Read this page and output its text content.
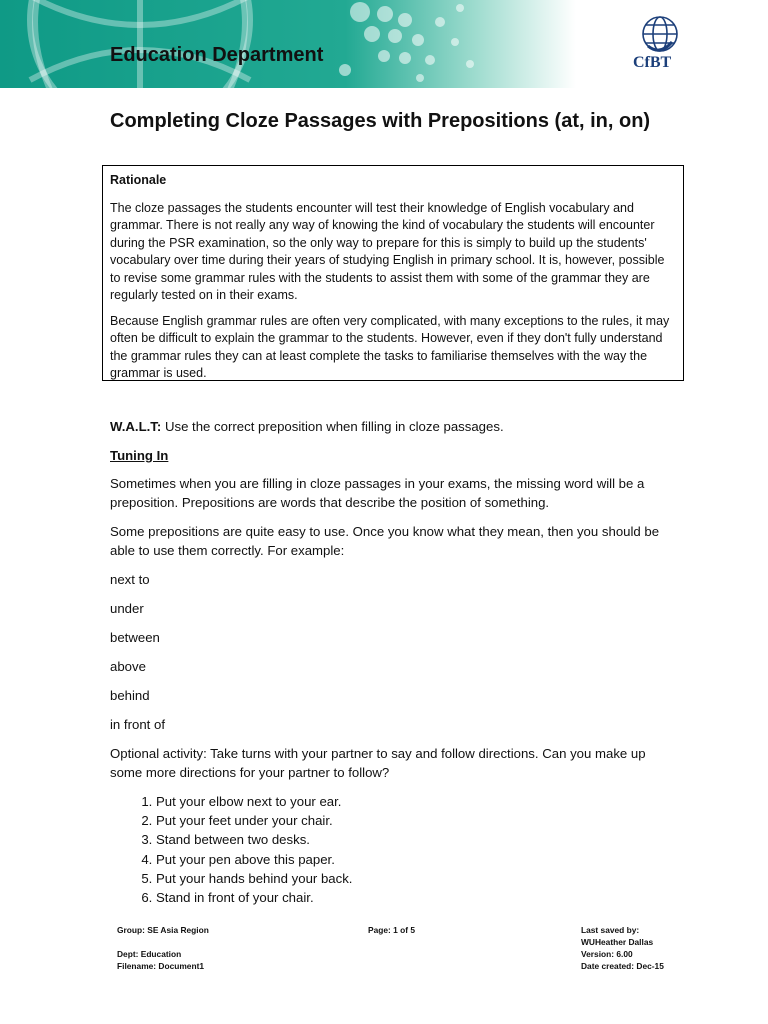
Education Department	CfBT
Completing Cloze Passages with Prepositions (at, in, on)

Rationale

The cloze passages the students encounter will test their knowledge of English vocabulary and grammar. There is not really any way of knowing the kind of vocabulary the students will encounter during the PSR examination, so the only way to prepare for this is simply to build up the students' vocabulary over time during their years of studying English in primary school. It is, however, possible to revise some grammar rules with the students to assist them with some of the grammar they are regularly tested on in their exams.

Because English grammar rules are often very complicated, with many exceptions to the rules, it may often be difficult to explain the grammar to the students. However, even if they don't fully understand the grammar rules they can at least complete the tasks to familiarise themselves with the way the grammar is used.

W.A.L.T: Use the correct preposition when filling in cloze passages.

Tuning In

Sometimes when you are filling in cloze passages in your exams, the missing word will be a preposition. Prepositions are words that describe the position of something.

Some prepositions are quite easy to use. Once you know what they mean, then you should be able to use them correctly. For example:

next to

under

between

above

behind

in front of

Optional activity: Take turns with your partner to say and follow directions. Can you make up some more directions for your partner to follow?

1. Put your elbow next to your ear.
2. Put your feet under your chair.
3. Stand between two desks.
4. Put your pen above this paper.
5. Put your hands behind your back.
6. Stand in front of your chair.
Group: SE Asia Region

Dept: Education
Filename: Document1
Page: 1 of 5	Last saved by:
WUHeather Dallas
Version: 6.00
Date created: Dec-15
